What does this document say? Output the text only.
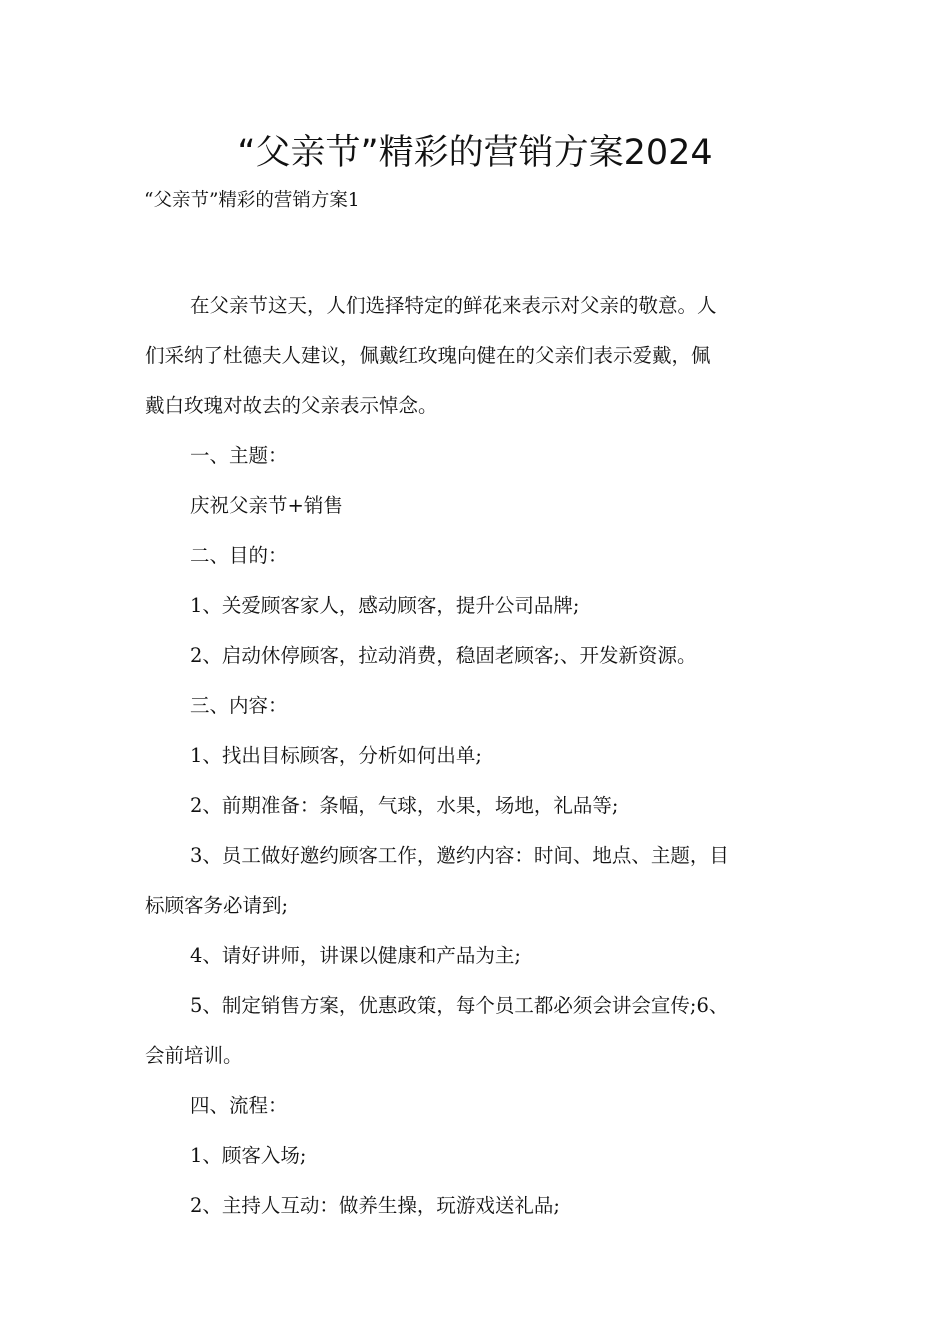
“父亲节”精彩的营销方案2024
“父亲节”精彩的营销方案1

在父亲节这天，人们选择特定的鲜花来表示对父亲的敬意。人
们采纳了杜德夫人建议，佩戴红玫瑰向健在的父亲们表示爱戴，佩
戴白玫瑰对故去的父亲表示悼念。

一、主题：

庆祝父亲节+销售

二、目的：

1、关爱顾客家人，感动顾客，提升公司品牌;

2、启动休停顾客，拉动消费，稳固老顾客;、开发新资源。

三、内容：

1、找出目标顾客，分析如何出单;

2、前期准备：条幅，气球，水果，场地，礼品等;

3、员工做好邀约顾客工作，邀约内容：时间、地点、主题，目
标顾客务必请到;

4、请好讲师，讲课以健康和产品为主;

5、制定销售方案，优惠政策，每个员工都必须会讲会宣传;6、
会前培训。

四、流程：

1、顾客入场;

2、主持人互动：做养生操，玩游戏送礼品;
